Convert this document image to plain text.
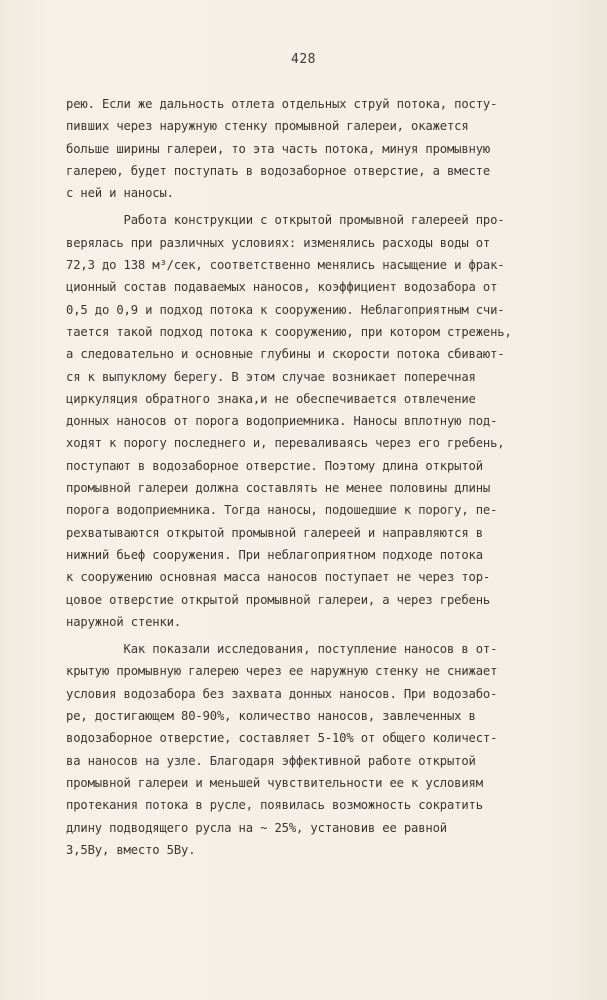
428
рею. Если же дальность отлета отдельных струй потока, посту-
пивших через наружную стенку промывной галереи, окажется
больше ширины галереи, то эта часть потока, минуя промывную
галерею, будет поступать в водозаборное отверстие, а вместе
с ней и наносы.
Работа конструкции с открытой промывной галереей про-
верялась при различных условиях: изменялись расходы воды от
72,3 до 138 м³/сек, соответственно менялись насыщение и фрак-
ционный состав подаваемых наносов, коэффициент водозабора от
0,5 до 0,9 и подход потока к сооружению. Неблагоприятным счи-
тается такой подход потока к сооружению, при котором стрежень,
а следовательно и основные глубины и скорости потока сбивают-
ся к выпуклому берегу. В этом случае возникает поперечная
циркуляция обратного знака,и не обеспечивается отвлечение
донных наносов от порога водоприемника. Наносы вплотную под-
ходят к порогу последнего и, переваливаясь через его гребень,
поступают в водозаборное отверстие. Поэтому длина открытой
промывной галереи должна составлять не менее половины длины
порога водоприемника. Тогда наносы, подошедшие к порогу, пе-
рехватываются открытой промывной галереей и направляются в
нижний бьеф сооружения. При неблагоприятном подходе потока
к сооружению основная масса наносов поступает не через тор-
цовое отверстие открытой промывной галереи, а через гребень
наружной стенки.
Как показали исследования, поступление наносов в от-
крытую промывную галерею через ее наружную стенку не снижает
условия водозабора без захвата донных наносов. При водозабо-
ре, достигающем 80-90%, количество наносов, завлеченных в
водозаборное отверстие, составляет 5-10% от общего количест-
ва наносов на узле. Благодаря эффективной работе открытой
промывной галереи и меньшей чувствительности ее к условиям
протекания потока в русле, появилась возможность сократить
длину подводящего русла на ~ 25%, установив ее равной
3,5Bу, вместо 5Bу.
